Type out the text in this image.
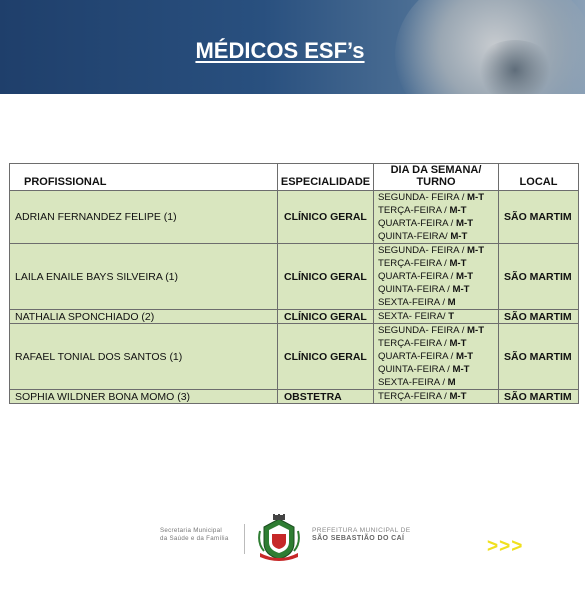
MÉDICOS ESF’s
PROFISSIONAL	ESPECIALIDADE	DIA DA SEMANA/ TURNO	LOCAL
ADRIAN FERNANDEZ FELIPE (1)	CLÍNICO GERAL	SEGUNDA- FEIRA / M-T
TERÇA-FEIRA / M-T
QUARTA-FEIRA / M-T
QUINTA-FEIRA/ M-T	SÃO MARTIM
LAILA ENAILE BAYS SILVEIRA (1)	CLÍNICO GERAL	SEGUNDA- FEIRA / M-T
TERÇA-FEIRA / M-T
QUARTA-FEIRA / M-T
QUINTA-FEIRA / M-T
SEXTA-FEIRA / M	SÃO MARTIM
NATHALIA SPONCHIADO (2)	CLÍNICO GERAL	SEXTA- FEIRA/ T	SÃO MARTIM
RAFAEL TONIAL DOS SANTOS (1)	CLÍNICO GERAL	SEGUNDA- FEIRA / M-T
TERÇA-FEIRA / M-T
QUARTA-FEIRA / M-T
QUINTA-FEIRA / M-T
SEXTA-FEIRA / M	SÃO MARTIM
SOPHIA WILDNER BONA MOMO (3)	OBSTETRA	TERÇA-FEIRA / M-T	SÃO MARTIM
Secretaria Municipal
da Saúde e da Família
PREFEITURA MUNICIPAL DE
SÃO SEBASTIÃO DO CAÍ	>>>
